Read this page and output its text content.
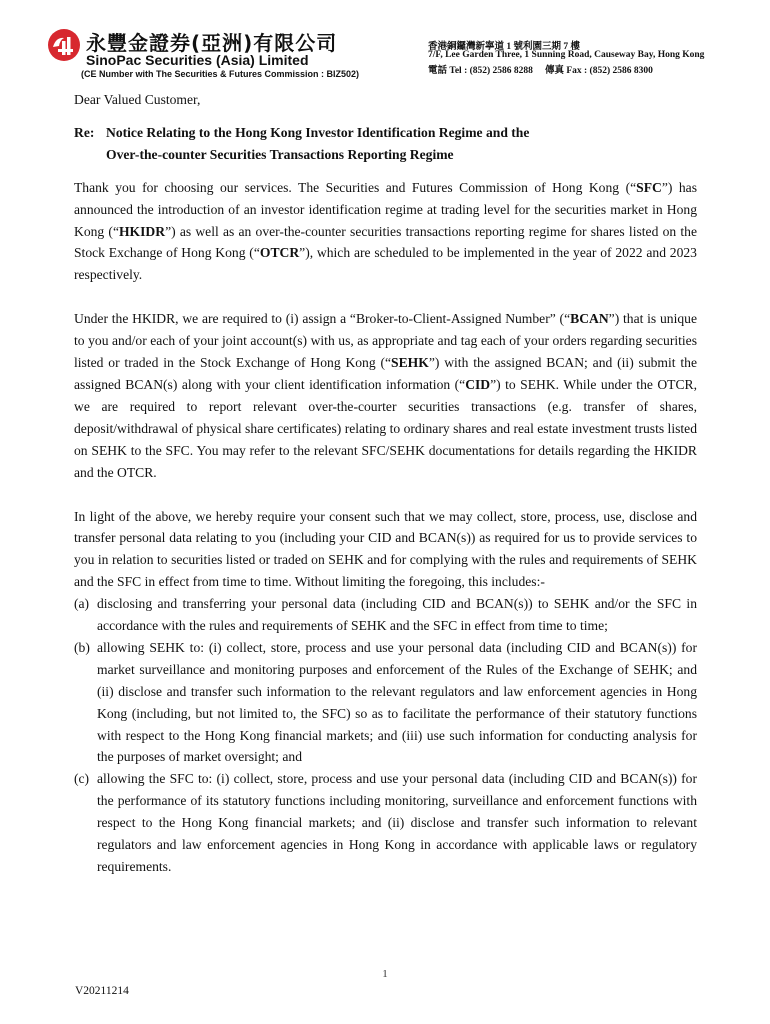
永豐金證券(亞洲)有限公司
SinoPac Securities (Asia) Limited
(CE Number with The Securities & Futures Commission : BIZ502)
香港銅鑼灣新寧道 1 號利園三期 7 樓
7/F, Lee Garden Three, 1 Sunning Road, Causeway Bay, Hong Kong
電話 Tel : (852) 2586 8288 傳真 Fax : (852) 2586 8300

Dear Valued Customer,

Re: Notice Relating to the Hong Kong Investor Identification Regime and the
Over-the-counter Securities Transactions Reporting Regime

Thank you for choosing our services. The Securities and Futures Commission of Hong Kong (“SFC”) has announced the introduction of an investor identification regime at trading level for the securities market in Hong Kong (“HKIDR”) as well as an over-the-counter securities transactions reporting regime for shares listed on the Stock Exchange of Hong Kong (“OTCR”), which are scheduled to be implemented in the year of 2022 and 2023 respectively.

Under the HKIDR, we are required to (i) assign a “Broker-to-Client-Assigned Number” (“BCAN”) that is unique to you and/or each of your joint account(s) with us, as appropriate and tag each of your orders regarding securities listed or traded in the Stock Exchange of Hong Kong (“SEHK”) with the assigned BCAN; and (ii) submit the assigned BCAN(s) along with your client identification information (“CID”) to SEHK. While under the OTCR, we are required to report relevant over-the-courter securities transactions (e.g. transfer of shares, deposit/withdrawal of physical share certificates) relating to ordinary shares and real estate investment trusts listed on SEHK to the SFC. You may refer to the relevant SFC/SEHK documentations for details regarding the HKIDR and the OTCR.

In light of the above, we hereby require your consent such that we may collect, store, process, use, disclose and transfer personal data relating to you (including your CID and BCAN(s)) as required for us to provide services to you in relation to securities listed or traded on SEHK and for complying with the rules and requirements of SEHK and the SFC in effect from time to time. Without limiting the foregoing, this includes:-

(a) disclosing and transferring your personal data (including CID and BCAN(s)) to SEHK and/or the SFC in accordance with the rules and requirements of SEHK and the SFC in effect from time to time;
(b) allowing SEHK to: (i) collect, store, process and use your personal data (including CID and BCAN(s)) for market surveillance and monitoring purposes and enforcement of the Rules of the Exchange of SEHK; and (ii) disclose and transfer such information to the relevant regulators and law enforcement agencies in Hong Kong (including, but not limited to, the SFC) so as to facilitate the performance of their statutory functions with respect to the Hong Kong financial markets; and (iii) use such information for conducting analysis for the purposes of market oversight; and
(c) allowing the SFC to: (i) collect, store, process and use your personal data (including CID and BCAN(s)) for the performance of its statutory functions including monitoring, surveillance and enforcement functions with respect to the Hong Kong financial markets; and (ii) disclose and transfer such information to relevant regulators and law enforcement agencies in Hong Kong in accordance with applicable laws or regulatory requirements.
1
V20211214
